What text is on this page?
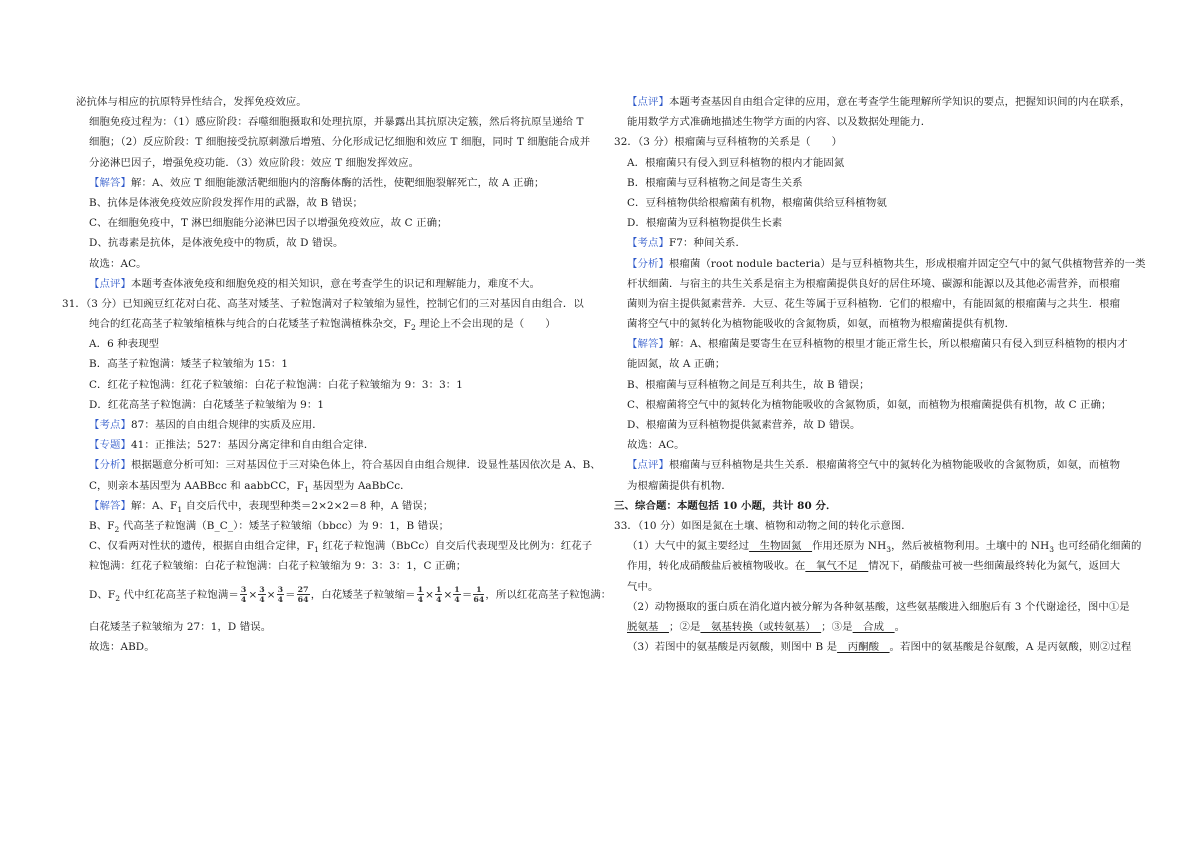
泌抗体与相应的抗原特异性结合，发挥免疫效应。
细胞免疫过程为：（1）感应阶段：吞噬细胞摄取和处理抗原，并暴露出其抗原决定簇，然后将抗原呈递给 T
细胞；（2）反应阶段：T 细胞接受抗原刺激后增殖、分化形成记忆细胞和效应 T 细胞，同时 T 细胞能合成并
分泌淋巴因子，增强免疫功能．（3）效应阶段：效应 T 细胞发挥效应。
【解答】解：A、效应 T 细胞能激活靶细胞内的溶酶体酶的活性，使靶细胞裂解死亡，故 A 正确；
B、抗体是体液免疫效应阶段发挥作用的武器，故 B 错误；
C、在细胞免疫中，T 淋巴细胞能分泌淋巴因子以增强免疫效应，故 C 正确；
D、抗毒素是抗体，是体液免疫中的物质，故 D 错误。
故选：AC。
【点评】本题考查体液免疫和细胞免疫的相关知识，意在考查学生的识记和理解能力，难度不大。
31．（3 分）已知豌豆红花对白花、高茎对矮茎、子粒饱满对子粒皱缩为显性，控制它们的三对基因自由组合．以
纯合的红花高茎子粒皱缩植株与纯合的白花矮茎子粒饱满植株杂交，$F_2$ 理论上不会出现的是（　　）
A．6 种表现型
B．高茎子粒饱满：矮茎子粒皱缩为 15：1
C．红花子粒饱满：红花子粒皱缩：白花子粒饱满：白花子粒皱缩为 9：3：3：1
D．红花高茎子粒饱满：白花矮茎子粒皱缩为 9：1
【考点】87：基因的自由组合规律的实质及应用．
【专题】41：正推法；527：基因分离定律和自由组合定律．
【分析】根据题意分析可知：三对基因位于三对染色体上，符合基因自由组合规律．设显性基因依次是 A、B、
C，则亲本基因型为 AABBcc 和 aabbCC，$F_1$ 基因型为 AaBbCc．
【解答】解：A、$F_1$ 自交后代中，表现型种类＝2×2×2＝8 种，A 错误；
B、$F_2$ 代高茎子粒饱满（B_C_）：矮茎子粒皱缩（bbcc）为 9：1，B 错误；
C、仅看两对性状的遗传，根据自由组合定律，$F_1$ 红花子粒饱满（BbCc）自交后代表现型及比例为：红花子
粒饱满：红花子粒皱缩：白花子粒饱满：白花子粒皱缩为 9：3：3：1，C 正确；
D、$F_2$ 代中红花高茎子粒饱满＝ $\frac{3}{4} \times \frac{3}{4} \times \frac{3}{4} = \frac{27}{64}$ ，白花矮茎子粒皱缩＝ $\frac{1}{4} \times \frac{1}{4} \times \frac{1}{4} = \frac{1}{64}$ ，所以红花高茎子粒饱满：
白花矮茎子粒皱缩为 27：1，D 错误。
故选：ABD。
【点评】本题考查基因自由组合定律的应用，意在考查学生能理解所学知识的要点，把握知识间的内在联系，
能用数学方式准确地描述生物学方面的内容、以及数据处理能力．
32．（3 分）根瘤菌与豆科植物的关系是（　　）
A．根瘤菌只有侵入到豆科植物的根内才能固氮
B．根瘤菌与豆科植物之间是寄生关系
C．豆科植物供给根瘤菌有机物，根瘤菌供给豆科植物氨
D．根瘤菌为豆科植物提供生长素
【考点】F7：种间关系．
【分析】根瘤菌（root nodule bacteria）是与豆科植物共生，形成根瘤并固定空气中的氮气供植物营养的一类
杆状细菌．与宿主的共生关系是宿主为根瘤菌提供良好的居住环境、碳源和能源以及其他必需营养，而根瘤
菌则为宿主提供氮素营养．大豆、花生等属于豆科植物．它们的根瘤中，有能固氮的根瘤菌与之共生．根瘤
菌将空气中的氮转化为植物能吸收的含氮物质，如氨，而植物为根瘤菌提供有机物．
【解答】解：A、根瘤菌是要寄生在豆科植物的根里才能正常生长，所以根瘤菌只有侵入到豆科植物的根内才
能固氮，故 A 正确；
B、根瘤菌与豆科植物之间是互利共生，故 B 错误；
C、根瘤菌将空气中的氮转化为植物能吸收的含氮物质，如氨，而植物为根瘤菌提供有机物，故 C 正确；
D、根瘤菌为豆科植物提供氮素营养，故 D 错误。
故选：AC。
【点评】根瘤菌与豆科植物是共生关系．根瘤菌将空气中的氮转化为植物能吸收的含氮物质，如氨，而植物
为根瘤菌提供有机物．
三、综合题：本题包括 10 小题，共计 80 分．
33．（10 分）如图是氮在土壤、植物和动物之间的转化示意图．
（1）大气中的氮主要经过　生物固氮　作用还原为 $NH_3$，然后被植物利用。土壤中的 $NH_3$ 也可经硝化细菌的
作用，转化成硝酸盐后被植物吸收。在　氧气不足　情况下，硝酸盐可被一些细菌最终转化为氮气，返回大
气中。
（2）动物摄取的蛋白质在消化道内被分解为各种氨基酸，这些氨基酸进入细胞后有 3 个代谢途径，图中①是
脱氨基　；②是　氨基转换（或转氨基）　；③是　合成　。
（3）若图中的氨基酸是丙氨酸，则图中 B 是　丙酮酸　。若图中的氨基酸是谷氨酸，A 是丙氨酸，则②过程
